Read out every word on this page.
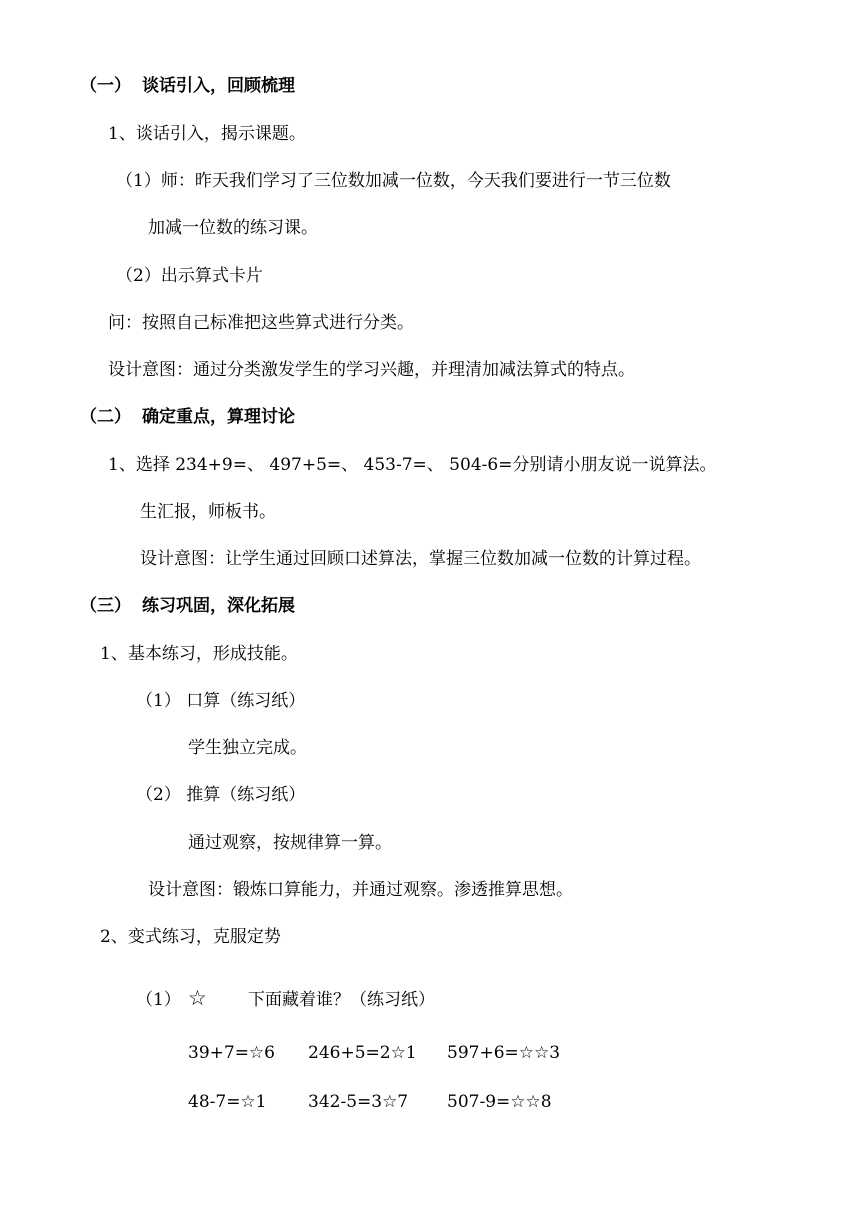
（一） 谈话引入，回顾梳理
1、谈话引入，揭示课题。
（1）师：昨天我们学习了三位数加减一位数，今天我们要进行一节三位数
加减一位数的练习课。
（2）出示算式卡片
问：按照自己标准把这些算式进行分类。
设计意图：通过分类激发学生的学习兴趣，并理清加减法算式的特点。
（二） 确定重点，算理讨论
1、选择 234+9=、 497+5=、 453-7=、 504-6=分别请小朋友说一说算法。
生汇报，师板书。
设计意图：让学生通过回顾口述算法，掌握三位数加减一位数的计算过程。
（三） 练习巩固，深化拓展
1、基本练习，形成技能。
（1） 口算（练习纸）
学生独立完成。
（2） 推算（练习纸）
通过观察，按规律算一算。
设计意图：锻炼口算能力，并通过观察。渗透推算思想。
2、变式练习，克服定势
（1） ☆ 下面藏着谁？（练习纸）
39+7=☆6 246+5=2☆1 597+6=☆☆3
48-7=☆1 342-5=3☆7 507-9=☆☆8
